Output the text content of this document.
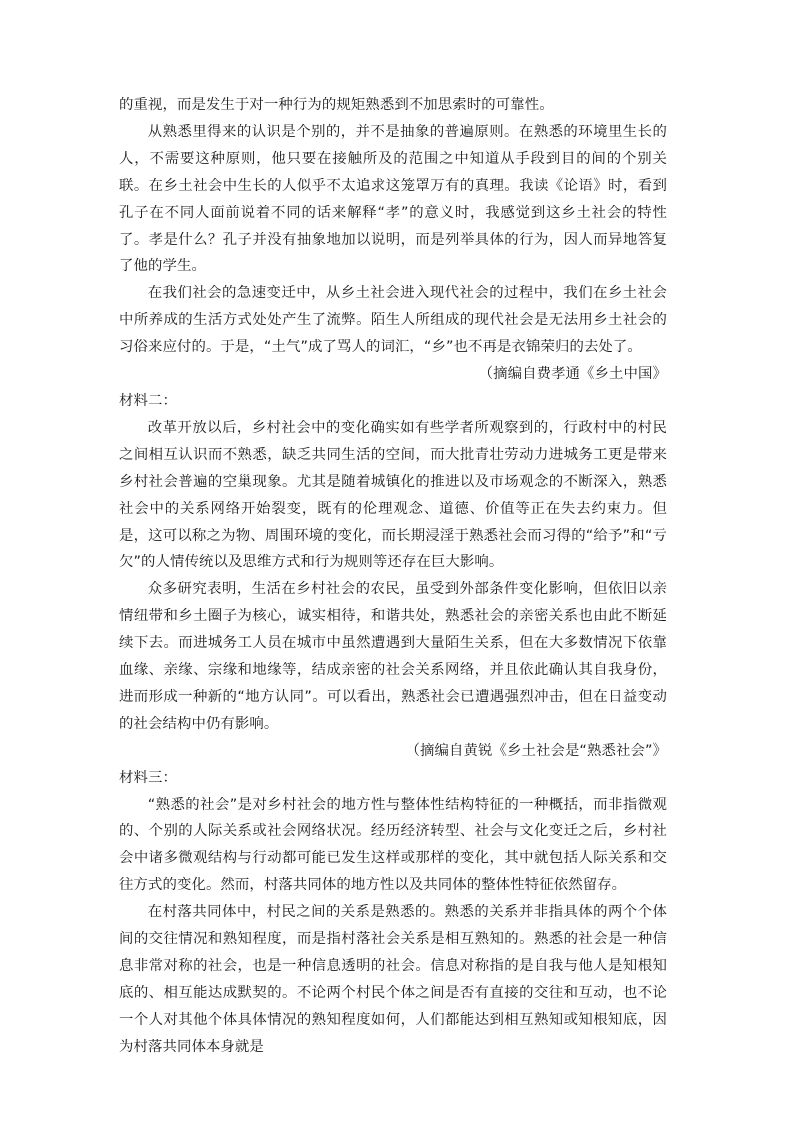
的重视，而是发生于对一种行为的规矩熟悉到不加思索时的可靠性。

从熟悉里得来的认识是个别的，并不是抽象的普遍原则。在熟悉的环境里生长的人，不需要这种原则，他只要在接触所及的范围之中知道从手段到目的间的个别关联。在乡土社会中生长的人似乎不太追求这笼罩万有的真理。我读《论语》时，看到孔子在不同人面前说着不同的话来解释“孝”的意义时，我感觉到这乡土社会的特性了。孝是什么？孔子并没有抽象地加以说明，而是列举具体的行为，因人而异地答复了他的学生。

在我们社会的急速变迁中，从乡土社会进入现代社会的过程中，我们在乡土社会中所养成的生活方式处处产生了流弊。陌生人所组成的现代社会是无法用乡土社会的习俗来应付的。于是，“土气”成了骂人的词汇，“乡”也不再是衣锦荣归的去处了。

（摘编自费孝通《乡土中国》

材料二：

改革开放以后，乡村社会中的变化确实如有些学者所观察到的，行政村中的村民之间相互认识而不熟悉，缺乏共同生活的空间，而大批青壮劳动力进城务工更是带来乡村社会普遍的空巢现象。尤其是随着城镇化的推进以及市场观念的不断深入，熟悉社会中的关系网络开始裂变，既有的伦理观念、道德、价值等正在失去约束力。但是，这可以称之为物、周围环境的变化，而长期浸淫于熟悉社会而习得的“给予”和“亏欠”的人情传统以及思维方式和行为规则等还存在巨大影响。

众多研究表明，生活在乡村社会的农民，虽受到外部条件变化影响，但依旧以亲情纽带和乡土圈子为核心，诚实相待，和谐共处，熟悉社会的亲密关系也由此不断延续下去。而进城务工人员在城市中虽然遭遇到大量陌生关系，但在大多数情况下依靠血缘、亲缘、宗缘和地缘等，结成亲密的社会关系网络，并且依此确认其自我身份，进而形成一种新的“地方认同”。可以看出，熟悉社会已遭遇强烈冲击，但在日益变动的社会结构中仍有影响。

（摘编自黄锐《乡土社会是“熟悉社会”》

材料三：

“熟悉的社会”是对乡村社会的地方性与整体性结构特征的一种概括，而非指微观的、个别的人际关系或社会网络状况。经历经济转型、社会与文化变迁之后，乡村社会中诸多微观结构与行动都可能已发生这样或那样的变化，其中就包括人际关系和交往方式的变化。然而，村落共同体的地方性以及共同体的整体性特征依然留存。

在村落共同体中，村民之间的关系是熟悉的。熟悉的关系并非指具体的两个个体间的交往情况和熟知程度，而是指村落社会关系是相互熟知的。熟悉的社会是一种信息非常对称的社会，也是一种信息透明的社会。信息对称指的是自我与他人是知根知底的、相互能达成默契的。不论两个村民个体之间是否有直接的交往和互动，也不论一个人对其他个体具体情况的熟知程度如何，人们都能达到相互熟知或知根知底，因为村落共同体本身就是
